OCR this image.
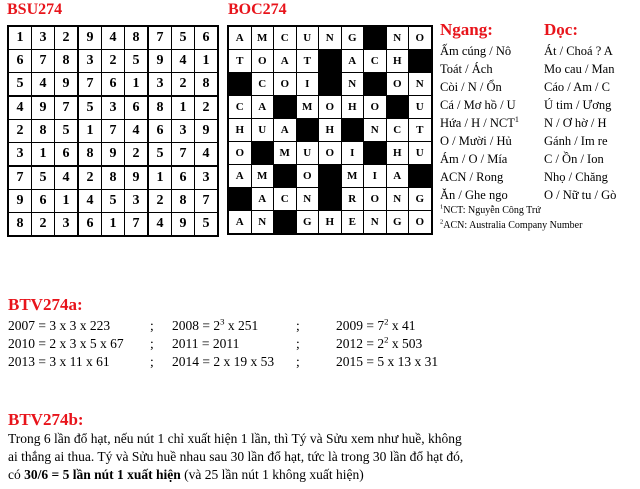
BSU274	BOC274
1	3	2	9	4	8	7	5	6
6	7	8	3	2	5	9	4	1
5	4	9	7	6	1	3	2	8
4	9	7	5	3	6	8	1	2
2	8	5	1	7	4	6	3	9
3	1	6	8	9	2	5	7	4
7	5	4	2	8	9	1	6	3
9	6	1	4	5	3	2	8	7
8	2	3	6	1	7	4	9	5
A	M	C	U	N	G		N	O
T	O	A	T		A	C	H	
	C	O	I		N		O	N
C	A		M	O	H	O		U
H	U	A		H		N	C	T
O		M	U	O	I		H	U
A	M		O		M	I	A	
	A	C	N		R	O	N	G
A	N		G	H	E	N	G	O
Ngang:	Dọc:
Ấm cúng / Nô
Toát / Ách
Còi / N / Ổn
Cá / Mơ hồ / U
Hứa / H / NCT$^1$
O / Mười / Hủ
Ám / O / Mía
ACN / Rong
Ăn / Ghe ngo
Át / Choá ? A
Mo cau / Man
Cáo / Am / C
Ú tim / Ương
N / Ơ hờ / H
Gánh / Im re
C / Ồn / Ion
Nhọ / Chăng
O / Nữ tu / Gò
$^1$NCT: Nguyễn Công Trứ
$^2$ACN: Australia Company Number
BTV274a:
2007 = 3 x 3 x 223	; $2008 = 2^3$ x 251	;	$2009 = 7^2$ x 41
2010 = 2 x 3 x 5 x 67 ; 2011 = 2011	;	$2012 = 2^2$ x 503
2013 = 3 x 11 x 61	; 2014 = 2 x 19 x 53 ;	2015 = 5 x 13 x 31
BTV274b:
Trong 6 lần đổ hạt, nếu nút 1 chỉ xuất hiện 1 lần, thì Tý và Sửu xem như huề, không
ai thắng ai thua. Tý và Sửu huề nhau sau 30 lần đổ hạt, tức là trong 30 lần đổ hạt đó,
có 30/6 = 5 lần nút 1 xuất hiện (và 25 lần nút 1 không xuất hiện)
